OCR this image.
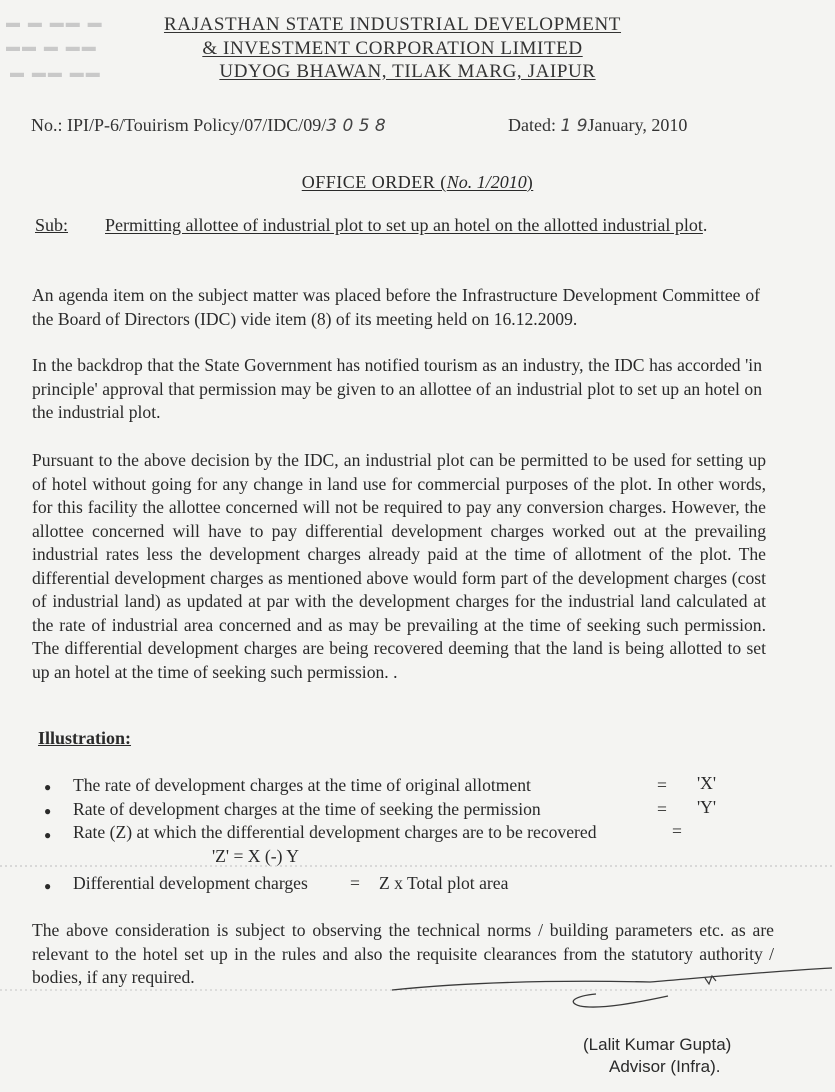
▬ ▬ ▬▬ ▬
▬▬ ▬ ▬▬
▬ ▬▬ ▬▬
RAJASTHAN STATE INDUSTRIAL DEVELOPMENT
& INVESTMENT CORPORATION LIMITED
UDYOG BHAWAN, TILAK MARG, JAIPUR
No.: IPI/P-6/Touirism Policy/07/IDC/09/3 0 5 8	Dated: 1 9January, 2010
OFFICE ORDER (No. 1/2010)
Sub: Permitting allottee of industrial plot to set up an hotel on the allotted industrial plot.
An agenda item on the subject matter was placed before the Infrastructure Development Committee of the Board of Directors (IDC) vide item (8) of its meeting held on 16.12.2009.
In the backdrop that the State Government has notified tourism as an industry, the IDC has accorded 'in principle' approval that permission may be given to an allottee of an industrial plot to set up an hotel on the industrial plot.
Pursuant to the above decision by the IDC, an industrial plot can be permitted to be used for setting up of hotel without going for any change in land use for commercial purposes of the plot. In other words, for this facility the allottee concerned will not be required to pay any conversion charges. However, the allottee concerned will have to pay differential development charges worked out at the prevailing industrial rates less the development charges already paid at the time of allotment of the plot. The differential development charges as mentioned above would form part of the development charges (cost of industrial land) as updated at par with the development charges for the industrial land calculated at the rate of industrial area concerned and as may be prevailing at the time of seeking such permission. The differential development charges are being recovered deeming that the land is being allotted to set up an hotel at the time of seeking such permission. .
Illustration:
● The rate of development charges at the time of original allotment	= 'X'
● Rate of development charges at the time of seeking the permission	= 'Y'
● Rate (Z) at which the differential development charges are to be recovered	=
'Z' = X (-) Y
● Differential development charges = Z x Total plot area
The above consideration is subject to observing the technical norms / building parameters etc. as are relevant to the hotel set up in the rules and also the requisite clearances from the statutory authority / bodies, if any required.
(Lalit Kumar Gupta)
Advisor (Infra).
